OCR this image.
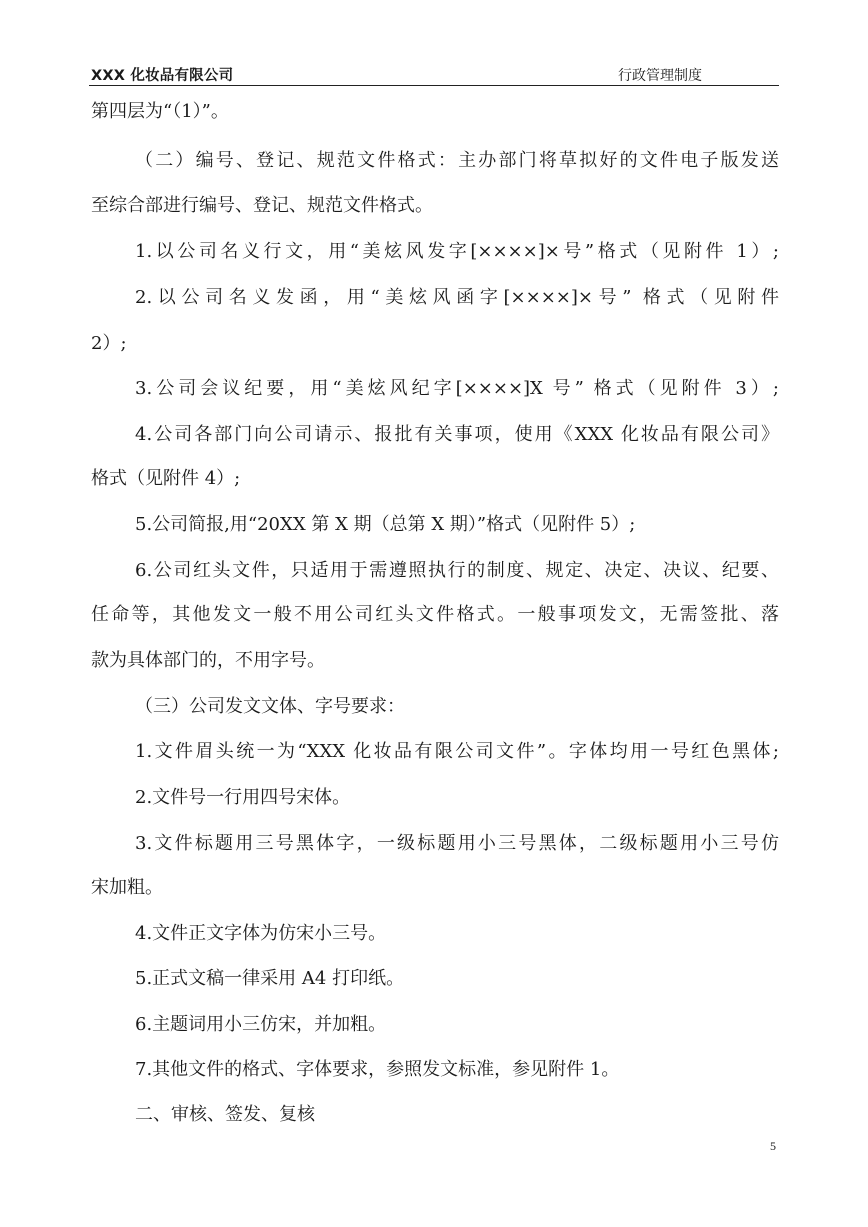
XXX 化妆品有限公司	行政管理制度
第四层为“（1）”。
（二）编号、登记、规范文件格式：主办部门将草拟好的文件电子版发送
至综合部进行编号、登记、规范文件格式。
1.以公司名义行文，用“美炫风发字[××××]×号”格式（见附件 1）;
2.以公司名义发函，用“美炫风函字[××××]×号” 格式（见附件
2）;
3.公司会议纪要，用“美炫风纪字[××××]X 号” 格式（见附件 3）;
4.公司各部门向公司请示、报批有关事项，使用《XXX 化妆品有限公司》
格式（见附件 4）;
5.公司简报,用“20XX 第 X 期（总第 X 期）”格式（见附件 5）;
6.公司红头文件，只适用于需遵照执行的制度、规定、决定、决议、纪要、
任命等，其他发文一般不用公司红头文件格式。一般事项发文，无需签批、落
款为具体部门的，不用字号。
（三）公司发文文体、字号要求：
1.文件眉头统一为“XXX 化妆品有限公司文件”。字体均用一号红色黑体;
2.文件号一行用四号宋体。
3.文件标题用三号黑体字，一级标题用小三号黑体，二级标题用小三号仿
宋加粗。
4.文件正文字体为仿宋小三号。
5.正式文稿一律采用 A4 打印纸。
6.主题词用小三仿宋，并加粗。
7.其他文件的格式、字体要求，参照发文标准，参见附件 1。
二、审核、签发、复核
5
